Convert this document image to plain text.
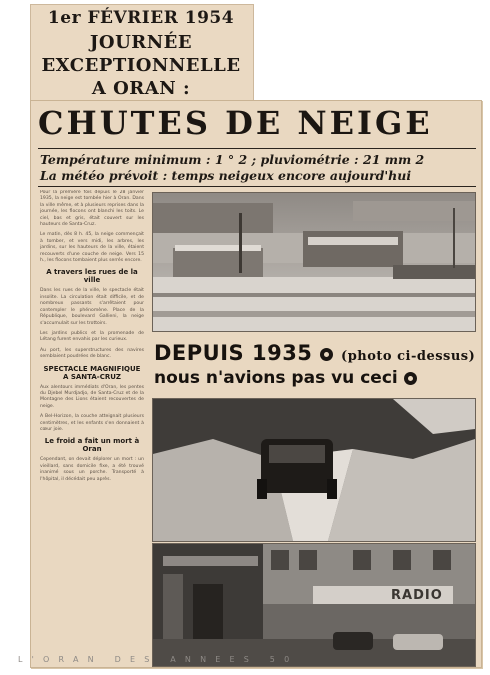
1er FÉVRIER 1954
JOURNÉE
EXCEPTIONNELLE
A ORAN :
CHUTES DE NEIGE
Température minimum : 1 ° 2 ; pluviométrie : 21 mm 2
La météo prévoit : temps neigeux encore aujourd'hui

Pour la première fois depuis le 28 janvier 1935, la neige est tombée hier à Oran. Dans la ville même, et à plusieurs reprises dans la journée, les flocons ont blanchi les toits. Le ciel, bas et gris, était couvert sur les hauteurs de Santa-Cruz.

Le matin, dès 8 h. 45, la neige commençait à tomber, et vers midi, les arbres, les jardins, sur les hauteurs de la ville, étaient recouverts d'une couche de neige. Vers 15 h., les flocons tombaient plus serrés encore.

A travers les rues de la ville

Dans les rues de la ville, le spectacle était insolite. La circulation était difficile, et de nombreux passants s'arrêtaient pour contempler le phénomène. Place de la République, boulevard Gallieni, la neige s'accumulait sur les trottoirs.

Les jardins publics et la promenade de Létang furent envahis par les curieux.

Au port, les superstructures des navires semblaient poudrées de blanc.

SPECTACLE MAGNIFIQUE A SANTA-CRUZ

Aux alentours immédiats d'Oran, les pentes du Djebel Murdjadjo, de Santa-Cruz et de la Montagne des Lions étaient recouvertes de neige.

A Bel-Horizon, la couche atteignait plusieurs centimètres, et les enfants s'en donnaient à cœur joie.

Le froid a fait un mort à Oran

Cependant, on devait déplorer un mort : un vieillard, sans domicile fixe, a été trouvé inanimé sous un porche. Transporté à l'hôpital, il décédait peu après.

DEPUIS 1935 (photo ci-dessus)
nous n'avions pas vu ceci
RADIO
L'ORAN DES ANNEES 50
